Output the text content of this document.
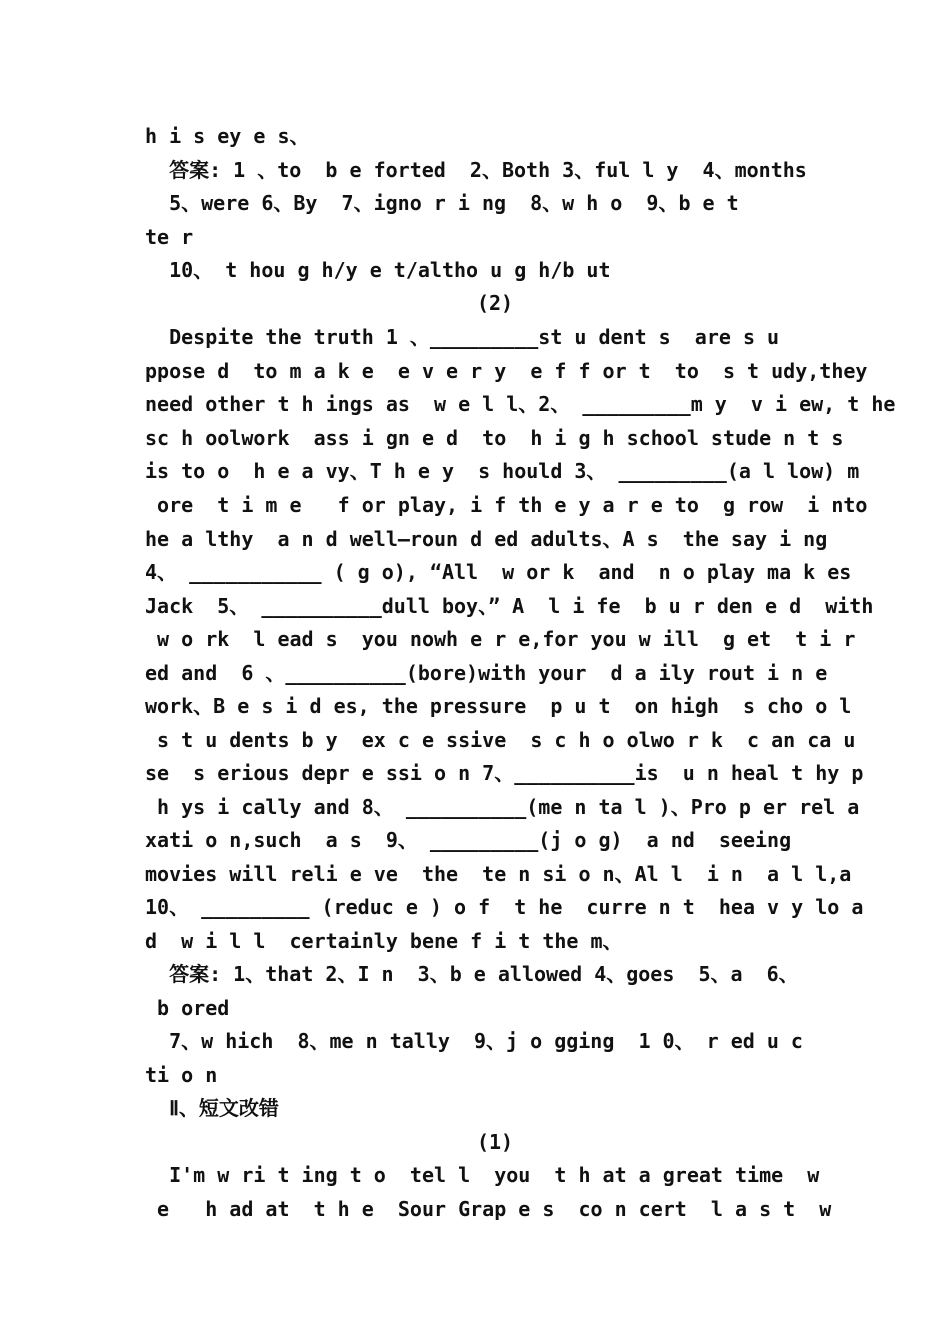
h i s ey e s、
答案: 1 、to  b e forted  2、Both 3、ful l y  4、months
5、were 6、By  7、igno r i ng  8、w h o  9、b e t
te r
10、 t hou g h/y e t/altho u g h/b ut
(2)
Despite the truth 1 、_________st u dent s  are s u
ppose d  to m a k e  e v e r y  e f f or t  to  s t udy,they
need other t h ings as  w e l l、2、 _________m y  v i ew, t he
sc h oolwork  ass i gn e d  to  h i g h school stude n t s
is to o  h e a vy、T h e y  s hould 3、 _________(a l low) m
ore  t i m e   f or play, i f th e y a r e to  g row  i nto
he a lthy  a n d well—roun d ed adults、A s  the say i ng
4、 ___________ ( g o), “All  w or k  and  n o play ma k es
Jack  5、 __________dull boy、” A  l i fe  b u r den e d  with
w o rk  l ead s  you nowh e r e,for you w ill  g et  t i r
ed and  6 、__________(bore)with your  d a ily rout i n e
work、B e s i d es, the pressure  p u t  on high  s cho o l
s t u dents b y  ex c e ssive  s c h o olwo r k  c an ca u
se  s erious depr e ssi o n 7、__________is  u n heal t hy p
h ys i cally and 8、 __________(me n ta l )、Pro p er rel a
xati o n,such  a s  9、 _________(j o g)  a nd  seeing
movies will reli e ve  the  te n si o n、Al l  i n  a l l,a
10、 _________ (reduc e ) o f  t he  curre n t  hea v y lo a
d  w i l l  certainly bene f i t the m、
答案: 1、that 2、I n  3、b e allowed 4、goes  5、a  6、
b ored
7、w hich  8、me n tally  9、j o gging  1 0、 r ed u c
ti o n
Ⅱ、短文改错
(1)
I'm w ri t ing t o  tel l  you  t h at a great time  w
e   h ad at  t h e  Sour Grap e s  co n cert  l a s t  w
